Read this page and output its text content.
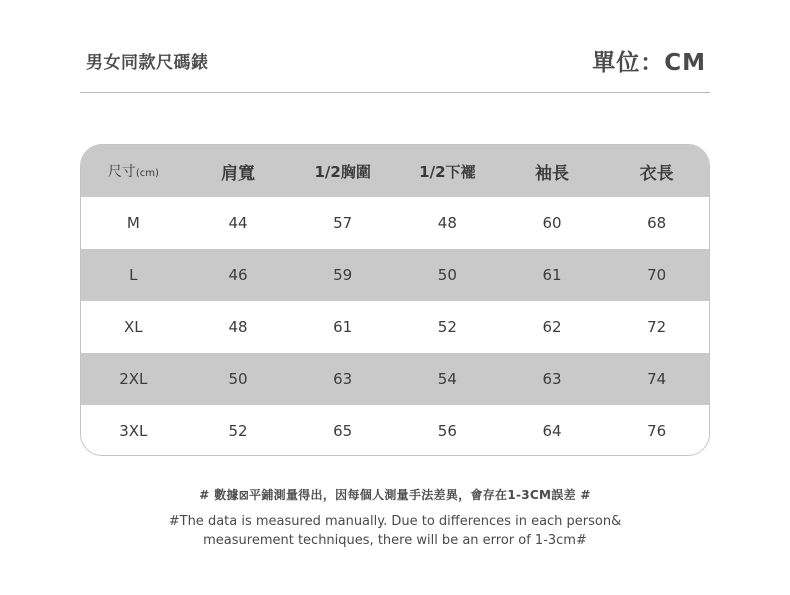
男女同款尺碼錶	單位：CM
尺寸(cm)	肩寬	1/2胸圍	1/2下襬	袖長	衣長
M	44	57	48	60	68
L	46	59	50	61	70
XL	48	61	52	62	72
2XL	50	63	54	63	74
3XL	52	65	56	64	76
# 數據⊠平鋪測量得出，因每個人測量手法差異，會存在1-3CM誤差 #
#The data is measured manually. Due to differences in each person& measurement techniques, there will be an error of 1-3cm#
